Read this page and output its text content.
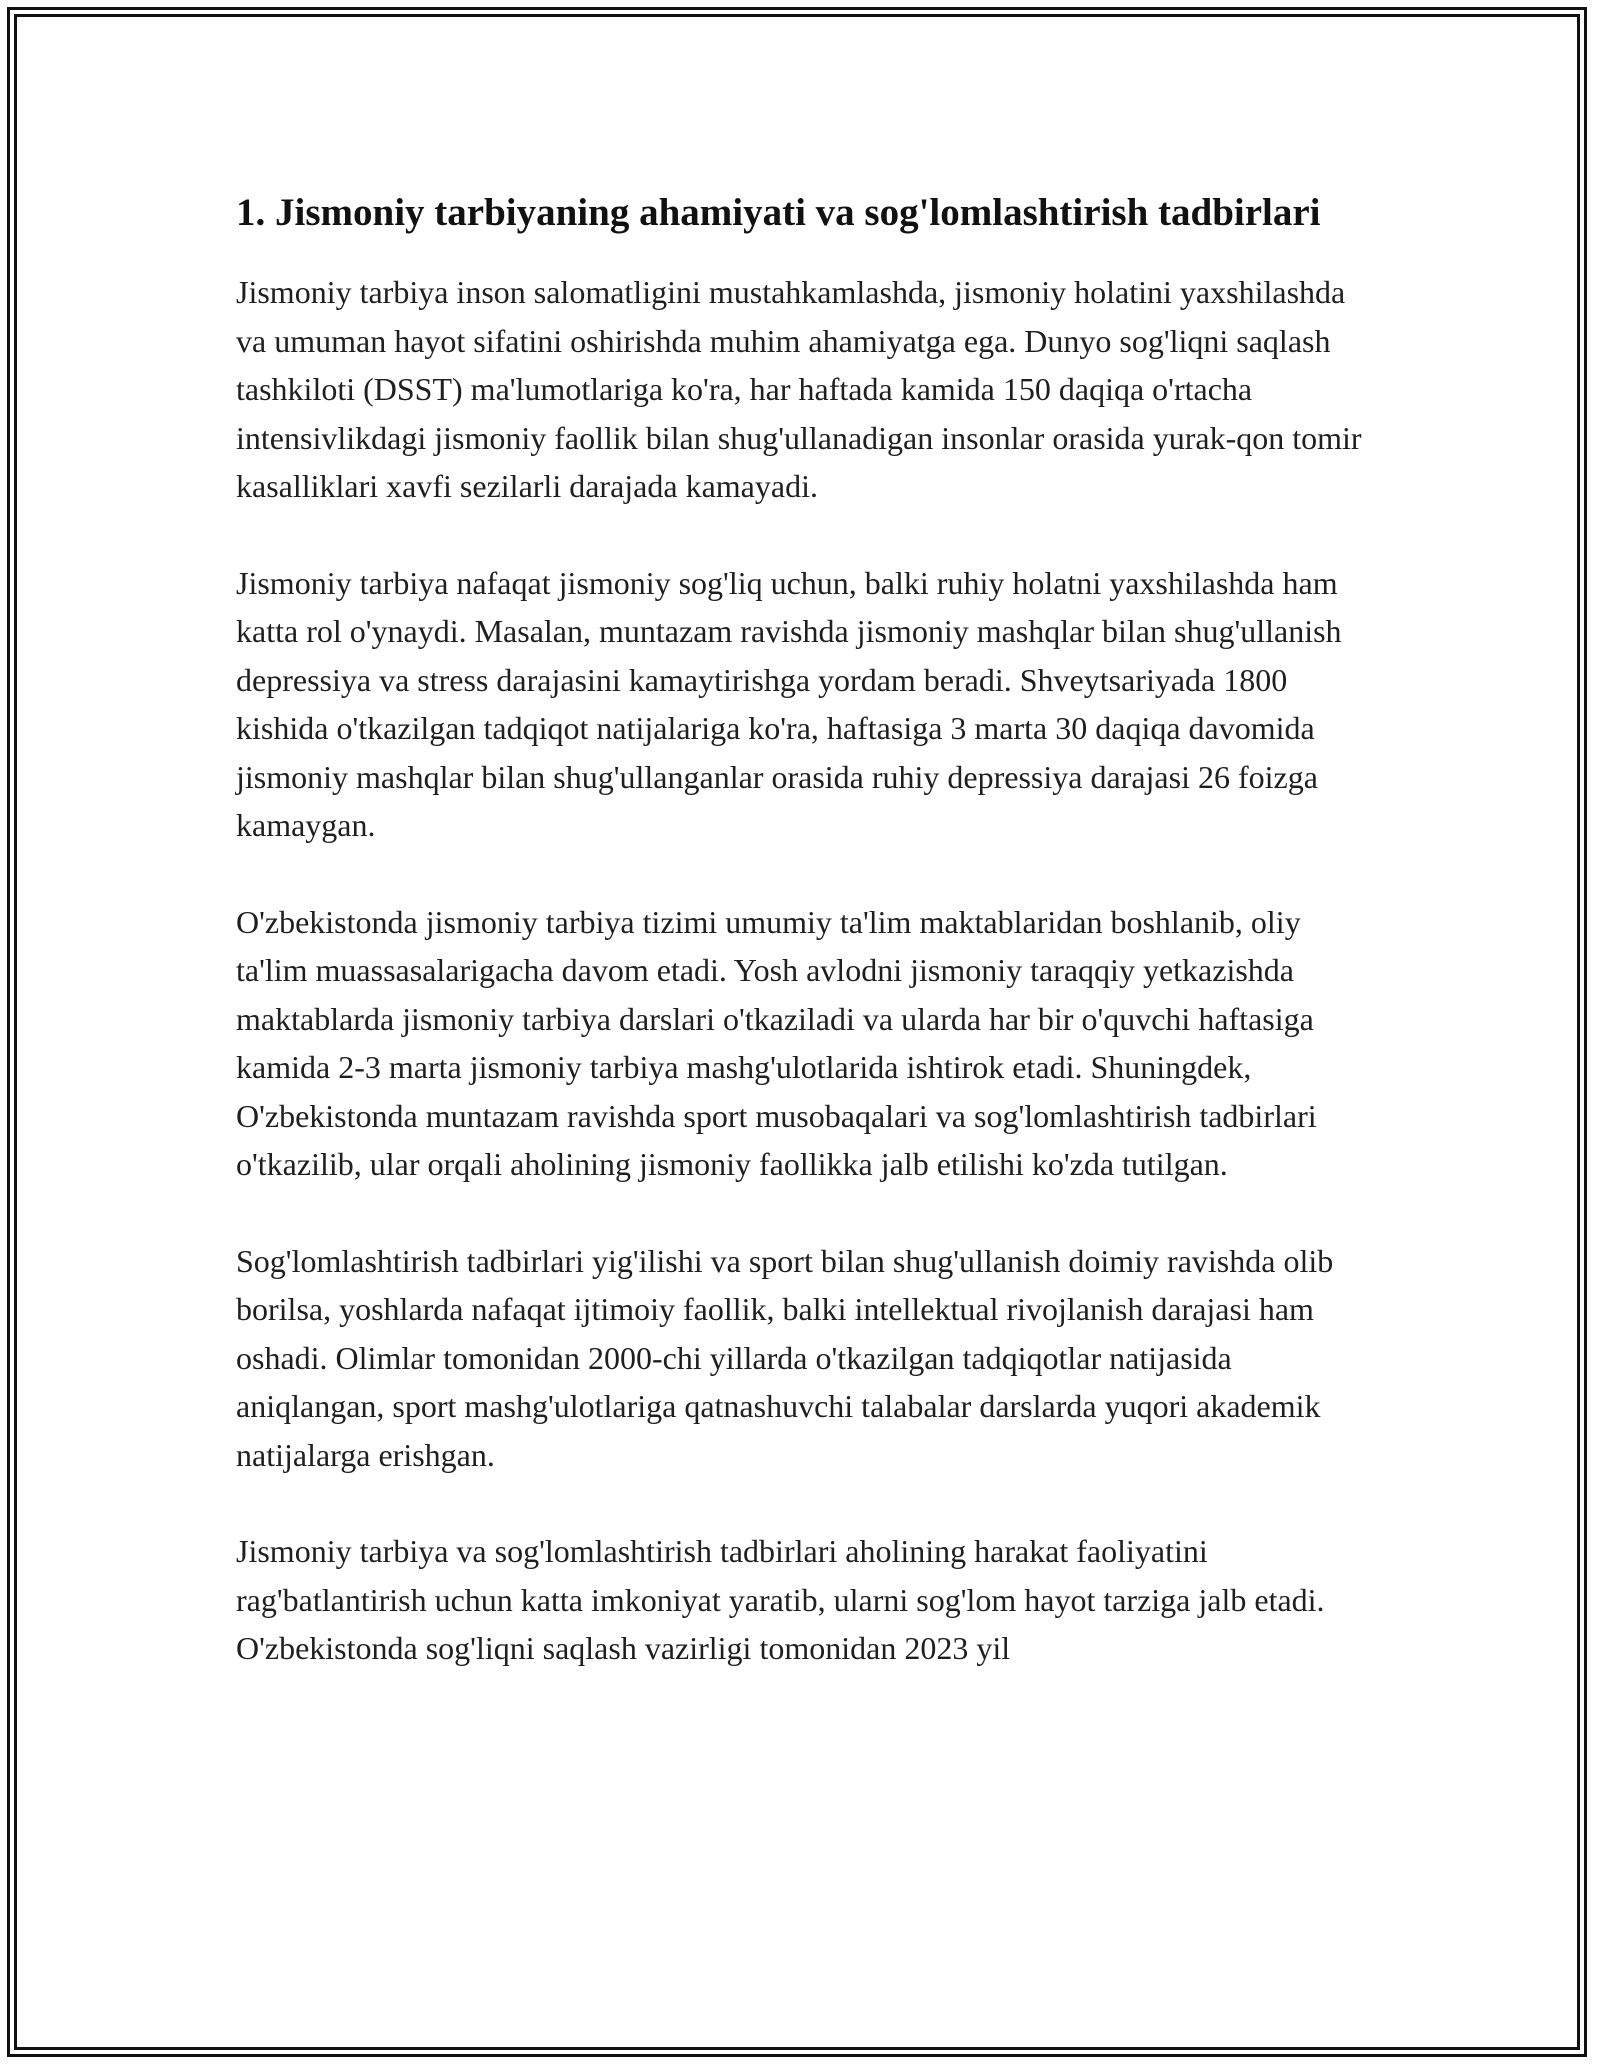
1. Jismoniy tarbiyaning ahamiyati va sog'lomlashtirish tadbirlari

Jismoniy tarbiya inson salomatligini mustahkamlashda, jismoniy holatini yaxshilashda va umuman hayot sifatini oshirishda muhim ahamiyatga ega. Dunyo sog'liqni saqlash tashkiloti (DSST) ma'lumotlariga ko'ra, har haftada kamida 150 daqiqa o'rtacha intensivlikdagi jismoniy faollik bilan shug'ullanadigan insonlar orasida yurak-qon tomir kasalliklari xavfi sezilarli darajada kamayadi.

Jismoniy tarbiya nafaqat jismoniy sog'liq uchun, balki ruhiy holatni yaxshilashda ham katta rol o'ynaydi. Masalan, muntazam ravishda jismoniy mashqlar bilan shug'ullanish depressiya va stress darajasini kamaytirishga yordam beradi. Shveytsariyada 1800 kishida o'tkazilgan tadqiqot natijalariga ko'ra, haftasiga 3 marta 30 daqiqa davomida jismoniy mashqlar bilan shug'ullanganlar orasida ruhiy depressiya darajasi 26 foizga kamaygan.

O'zbekistonda jismoniy tarbiya tizimi umumiy ta'lim maktablaridan boshlanib, oliy ta'lim muassasalarigacha davom etadi. Yosh avlodni jismoniy taraqqiy yetkazishda maktablarda jismoniy tarbiya darslari o'tkaziladi va ularda har bir o'quvchi haftasiga kamida 2-3 marta jismoniy tarbiya mashg'ulotlarida ishtirok etadi. Shuningdek, O'zbekistonda muntazam ravishda sport musobaqalari va sog'lomlashtirish tadbirlari o'tkazilib, ular orqali aholining jismoniy faollikka jalb etilishi ko'zda tutilgan.

Sog'lomlashtirish tadbirlari yig'ilishi va sport bilan shug'ullanish doimiy ravishda olib borilsa, yoshlarda nafaqat ijtimoiy faollik, balki intellektual rivojlanish darajasi ham oshadi. Olimlar tomonidan 2000-chi yillarda o'tkazilgan tadqiqotlar natijasida aniqlangan, sport mashg'ulotlariga qatnashuvchi talabalar darslarda yuqori akademik natijalarga erishgan.

Jismoniy tarbiya va sog'lomlashtirish tadbirlari aholining harakat faoliyatini rag'batlantirish uchun katta imkoniyat yaratib, ularni sog'lom hayot tarziga jalb etadi. O'zbekistonda sog'liqni saqlash vazirligi tomonidan 2023 yil
